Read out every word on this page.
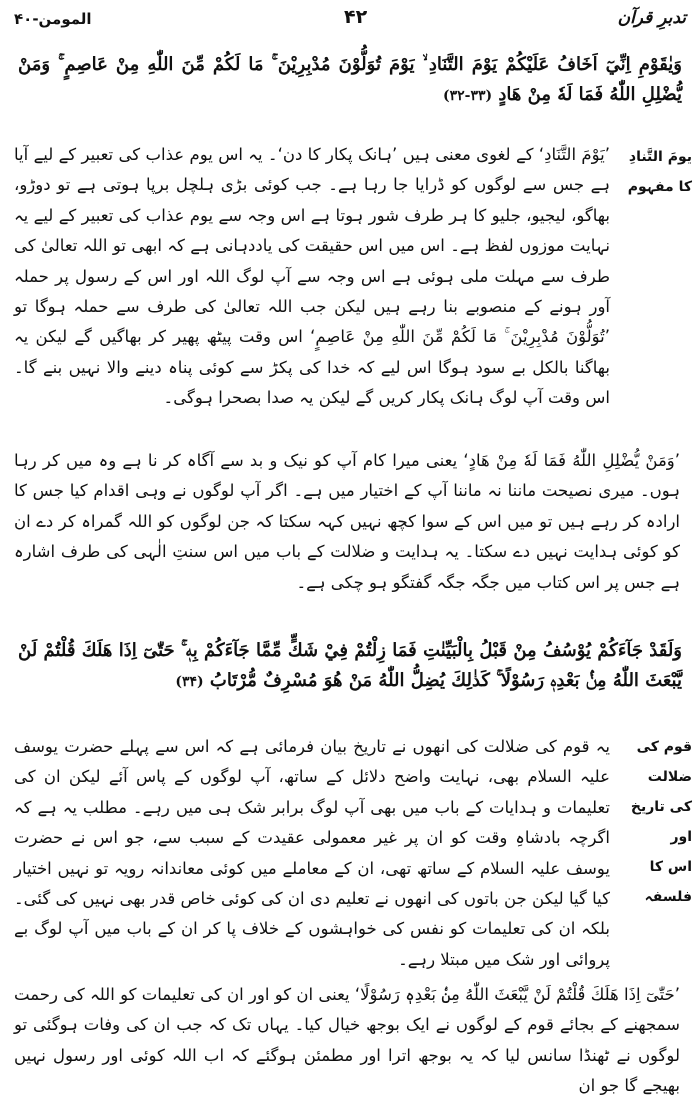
المومن-۴۰	۴۲	تدبرِ قرآن
وَيٰقَوْمِ اِنِّيٓ اَخَافُ عَلَيْكُمْ يَوْمَ التَّنَادِ ۙ يَوْمَ تُوَلُّوْنَ مُدْبِرِيْنَ ۚ مَا لَكُمْ مِّنَ اللّٰهِ مِنْ عَاصِمٍ ۚ وَمَنْ يُّضْلِلِ اللّٰهُ فَمَا لَهٗ مِنْ هَادٍ (۳۲-۳۳)
يومَ التَّنادِ
کا مفہوم
’يَوْمَ التَّنَادِ‘ کے لغوی معنی ہیں ’ہانک پکار کا دن‘۔ یہ اس یوم عذاب کی تعبیر کے لیے آیا ہے جس سے لوگوں کو ڈرایا جا رہا ہے۔ جب کوئی بڑی ہلچل برپا ہوتی ہے تو دوڑو، بھاگو، لیجیو، جلیو کا ہر طرف شور ہوتا ہے اس وجہ سے یوم عذاب کی تعبیر کے لیے یہ نہایت موزوں لفظ ہے۔ اس میں اس حقیقت کی یاددہانی ہے کہ ابھی تو اللہ تعالیٰ کی طرف سے مہلت ملی ہوئی ہے اس وجہ سے آپ لوگ اللہ اور اس کے رسول پر حملہ آور ہونے کے منصوبے بنا رہے ہیں لیکن جب اللہ تعالیٰ کی طرف سے حملہ ہوگا تو ’تُوَلُّوْنَ مُدْبِرِيْنَ ۚ مَا لَكُمْ مِّنَ اللّٰهِ مِنْ عَاصِمٍ‘ اس وقت پیٹھ پھیر کر بھاگیں گے لیکن یہ بھاگنا بالکل بے سود ہوگا اس لیے کہ خدا کی پکڑ سے کوئی پناہ دینے والا نہیں بنے گا۔ اس وقت آپ لوگ ہانک پکار کریں گے لیکن یہ صدا بصحرا ہوگی۔
’وَمَنْ يُّضْلِلِ اللّٰهُ فَمَا لَهٗ مِنْ هَادٍ‘ یعنی میرا کام آپ کو نیک و بد سے آگاہ کر نا ہے وہ میں کر رہا ہوں۔ میری نصیحت ماننا نہ ماننا آپ کے اختیار میں ہے۔ اگر آپ لوگوں نے وہی اقدام کیا جس کا ارادہ کر رہے ہیں تو میں اس کے سوا کچھ نہیں کہہ سکتا کہ جن لوگوں کو اللہ گمراہ کر دے ان کو کوئی ہدایت نہیں دے سکتا۔ یہ ہدایت و ضلالت کے باب میں اس سنتِ الٰہی کی طرف اشارہ ہے جس پر اس کتاب میں جگہ جگہ گفتگو ہو چکی ہے۔
وَلَقَدْ جَآءَكُمْ يُوْسُفُ مِنْ قَبْلُ بِالْبَيِّنٰتِ فَمَا زِلْتُمْ فِيْ شَكٍّ مِّمَّا جَآءَكُمْ بِهٖ ۚ حَتّٰىٓ اِذَا هَلَكَ قُلْتُمْ لَنْ يَّبْعَثَ اللّٰهُ مِنْۢ بَعْدِهٖ رَسُوْلًا ۚ كَذٰلِكَ يُضِلُّ اللّٰهُ مَنْ هُوَ مُسْرِفٌ مُّرْتَابُ (۳۴)
قوم کی ضلالت
کی تاریخ اور
اس کا فلسفہ
یہ قوم کی ضلالت کی انھوں نے تاریخ بیان فرمائی ہے کہ اس سے پہلے حضرت یوسف علیہ السلام بھی، نہایت واضح دلائل کے ساتھ، آپ لوگوں کے پاس آئے لیکن ان کی تعلیمات و ہدایات کے باب میں بھی آپ لوگ برابر شک ہی میں رہے۔ مطلب یہ ہے کہ اگرچہ بادشاہِ وقت کو ان پر غیر معمولی عقیدت کے سبب سے، جو اس نے حضرت یوسف علیہ السلام کے ساتھ تھی، ان کے معاملے میں کوئی معاندانہ رویہ تو نہیں اختیار کیا گیا لیکن جن باتوں کی انھوں نے تعلیم دی ان کی کوئی خاص قدر بھی نہیں کی گئی۔ بلکہ ان کی تعلیمات کو نفس کی خواہشوں کے خلاف پا کر ان کے باب میں آپ لوگ بے پروائی اور شک میں مبتلا رہے۔
’حَتّٰىٓ اِذَا هَلَكَ قُلْتُمْ لَنْ يَّبْعَثَ اللّٰهُ مِنْۢ بَعْدِهٖ رَسُوْلًا‘ یعنی ان کو اور ان کی تعلیمات کو اللہ کی رحمت سمجھنے کے بجائے قوم کے لوگوں نے ایک بوجھ خیال کیا۔ یہاں تک کہ جب ان کی وفات ہوگئی تو لوگوں نے ٹھنڈا سانس لیا کہ یہ بوجھ اترا اور مطمئن ہوگئے کہ اب اللہ کوئی اور رسول نہیں بھیجے گا جو ان
